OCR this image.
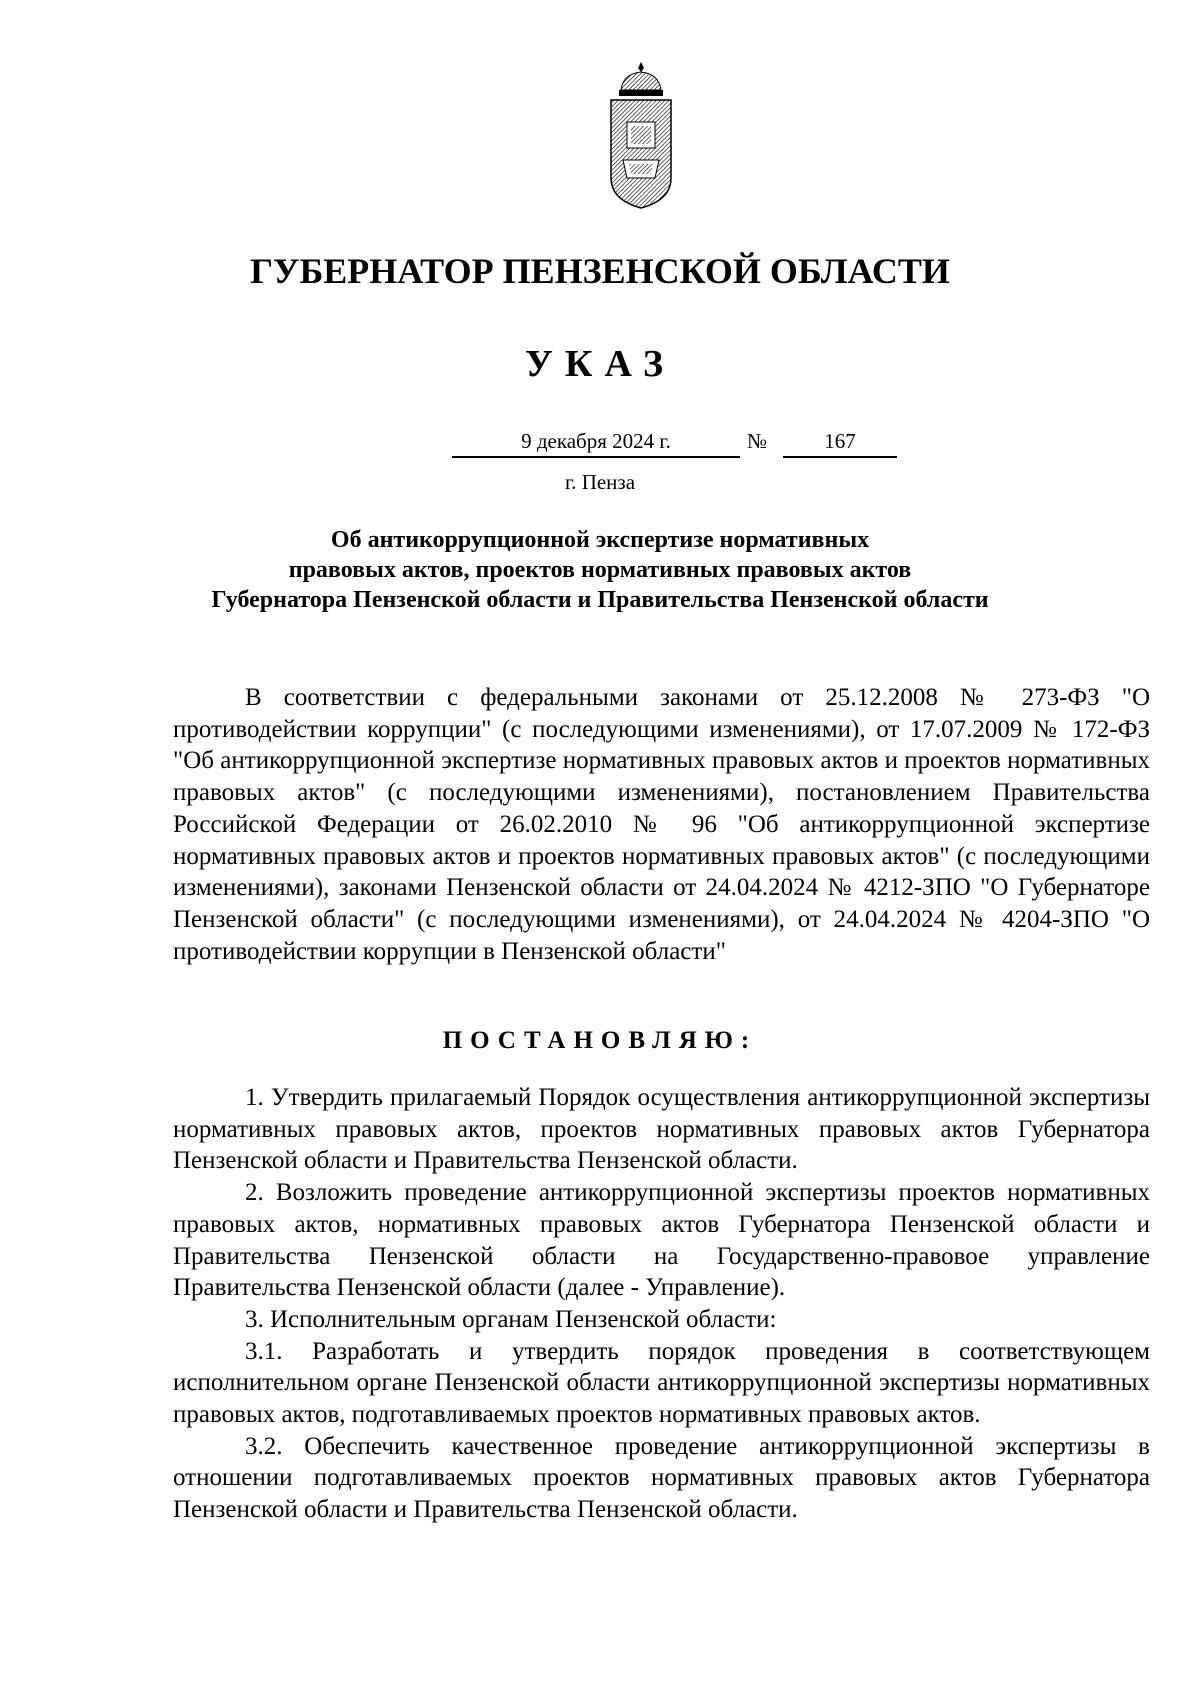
ГУБЕРНАТОР ПЕНЗЕНСКОЙ ОБЛАСТИ
УКАЗ
9 декабря 2024 г.	№	167
г. Пенза
Об антикоррупционной экспертизе нормативных
правовых актов, проектов нормативных правовых актов
Губернатора Пензенской области и Правительства Пензенской области

В соответствии с федеральными законами от 25.12.2008 № 273-ФЗ "О противодействии коррупции" (с последующими изменениями), от 17.07.2009 № 172-ФЗ "Об антикоррупционной экспертизе нормативных правовых актов и проектов нормативных правовых актов" (с последующими изменениями), постановлением Правительства Российской Федерации от 26.02.2010 № 96 "Об антикоррупционной экспертизе нормативных правовых актов и проектов нормативных правовых актов" (с последующими изменениями), законами Пензенской области от 24.04.2024 № 4212-ЗПО "О Губернаторе Пензенской области" (с последующими изменениями), от 24.04.2024 № 4204-ЗПО "О противодействии коррупции в Пензенской области"

ПОСТАНОВЛЯЮ:

1. Утвердить прилагаемый Порядок осуществления антикоррупционной экспертизы нормативных правовых актов, проектов нормативных правовых актов Губернатора Пензенской области и Правительства Пензенской области.

2. Возложить проведение антикоррупционной экспертизы проектов нормативных правовых актов, нормативных правовых актов Губернатора Пензенской области и Правительства Пензенской области на Государственно-правовое управление Правительства Пензенской области (далее - Управление).

3. Исполнительным органам Пензенской области:

3.1. Разработать и утвердить порядок проведения в соответствующем исполнительном органе Пензенской области антикоррупционной экспертизы нормативных правовых актов, подготавливаемых проектов нормативных правовых актов.

3.2. Обеспечить качественное проведение антикоррупционной экспертизы в отношении подготавливаемых проектов нормативных правовых актов Губернатора Пензенской области и Правительства Пензенской области.
